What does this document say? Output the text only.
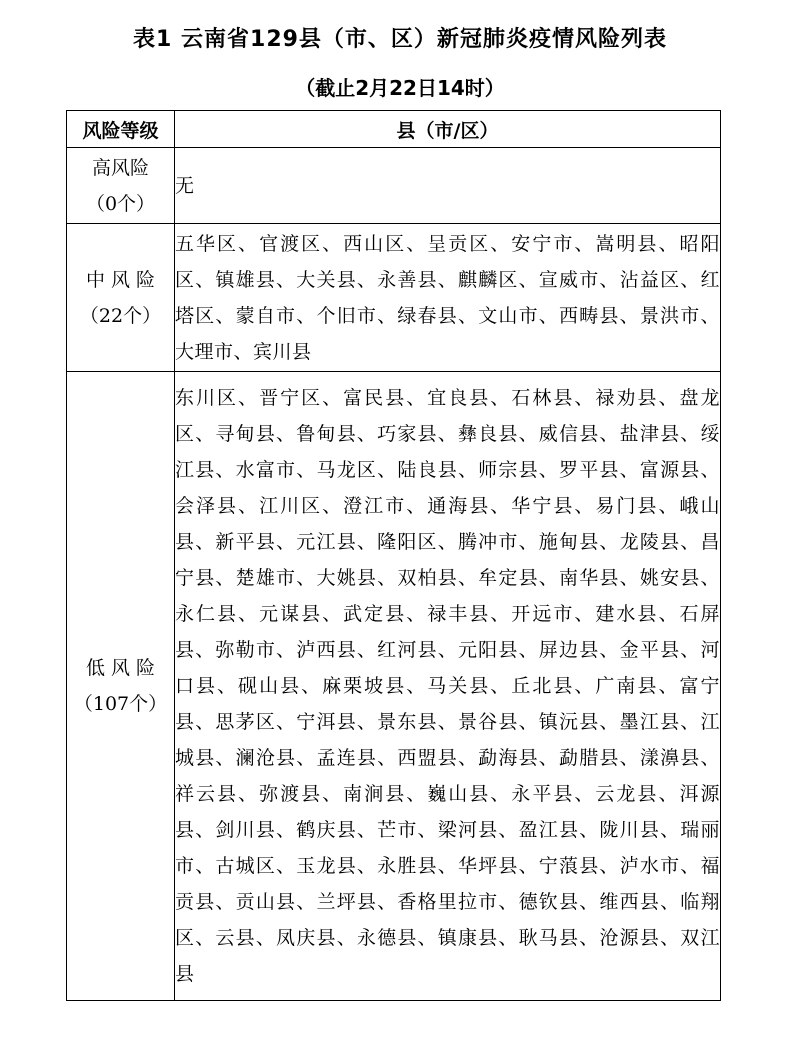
表1 云南省129县（市、区）新冠肺炎疫情风险列表
（截止2月22日14时）
风险等级	县（市/区）

高风险
（0个）	无

中 风 险
（22个）	五华区、官渡区、西山区、呈贡区、安宁市、嵩明县、昭阳区、镇雄县、大关县、永善县、麒麟区、宣威市、沾益区、红塔区、蒙自市、个旧市、绿春县、文山市、西畴县、景洪市、大理市、宾川县

低 风 险
（107个）	东川区、晋宁区、富民县、宜良县、石林县、禄劝县、盘龙区、寻甸县、鲁甸县、巧家县、彝良县、威信县、盐津县、绥江县、水富市、马龙区、陆良县、师宗县、罗平县、富源县、会泽县、江川区、澄江市、通海县、华宁县、易门县、峨山县、新平县、元江县、隆阳区、腾冲市、施甸县、龙陵县、昌宁县、楚雄市、大姚县、双柏县、牟定县、南华县、姚安县、永仁县、元谋县、武定县、禄丰县、开远市、建水县、石屏县、弥勒市、泸西县、红河县、元阳县、屏边县、金平县、河口县、砚山县、麻栗坡县、马关县、丘北县、广南县、富宁县、思茅区、宁洱县、景东县、景谷县、镇沅县、墨江县、江城县、澜沧县、孟连县、西盟县、勐海县、勐腊县、漾濞县、祥云县、弥渡县、南涧县、巍山县、永平县、云龙县、洱源县、剑川县、鹤庆县、芒市、梁河县、盈江县、陇川县、瑞丽市、古城区、玉龙县、永胜县、华坪县、宁蒗县、泸水市、福贡县、贡山县、兰坪县、香格里拉市、德钦县、维西县、临翔区、云县、凤庆县、永德县、镇康县、耿马县、沧源县、双江县
